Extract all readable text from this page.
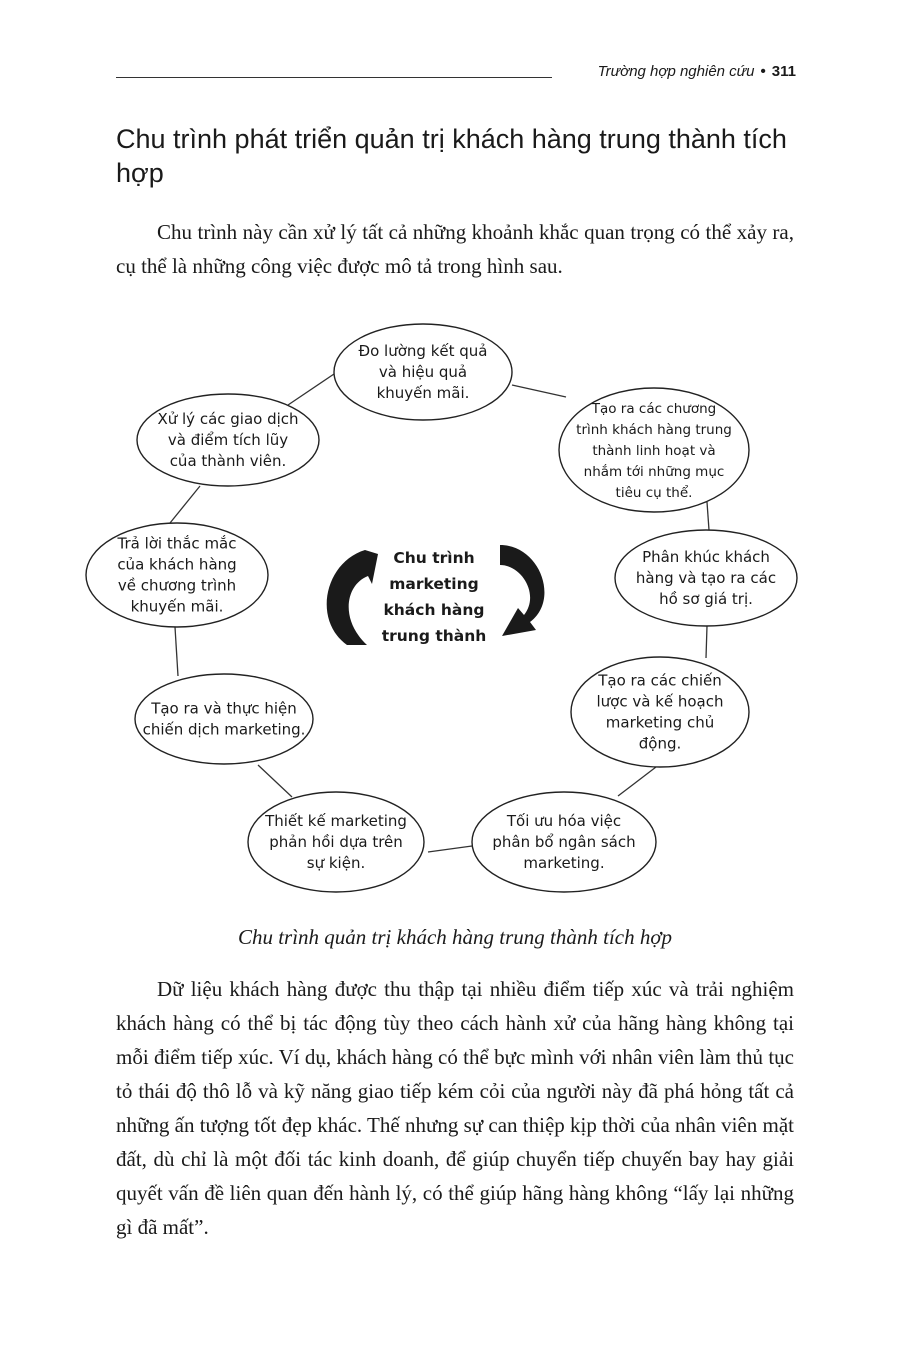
Trường hợp nghiên cứu • 311
Chu trình phát triển quản trị khách hàng trung thành tích hợp

Chu trình này cần xử lý tất cả những khoảnh khắc quan trọng có thể xảy ra, cụ thể là những công việc được mô tả trong hình sau.

Chu trình
marketing
khách hàng
trung thành
Đo lường kết quả
và hiệu quả
khuyến mãi.
Tạo ra các chương
trình khách hàng trung
thành linh hoạt và
nhắm tới những mục
tiêu cụ thể.
Phân khúc khách
hàng và tạo ra các
hồ sơ giá trị.
Tạo ra các chiến
lược và kế hoạch
marketing chủ
động.
Tối ưu hóa việc
phân bổ ngân sách
marketing.
Thiết kế marketing
phản hồi dựa trên
sự kiện.
Tạo ra và thực hiện
chiến dịch marketing.
Trả lời thắc mắc
của khách hàng
về chương trình
khuyến mãi.
Xử lý các giao dịch
và điểm tích lũy
của thành viên.

Chu trình quản trị khách hàng trung thành tích hợp

Dữ liệu khách hàng được thu thập tại nhiều điểm tiếp xúc và trải nghiệm khách hàng có thể bị tác động tùy theo cách hành xử của hãng hàng không tại mỗi điểm tiếp xúc. Ví dụ, khách hàng có thể bực mình với nhân viên làm thủ tục tỏ thái độ thô lỗ và kỹ năng giao tiếp kém cỏi của người này đã phá hỏng tất cả những ấn tượng tốt đẹp khác. Thế nhưng sự can thiệp kịp thời của nhân viên mặt đất, dù chỉ là một đối tác kinh doanh, để giúp chuyển tiếp chuyến bay hay giải quyết vấn đề liên quan đến hành lý, có thể giúp hãng hàng không “lấy lại những gì đã mất”.
